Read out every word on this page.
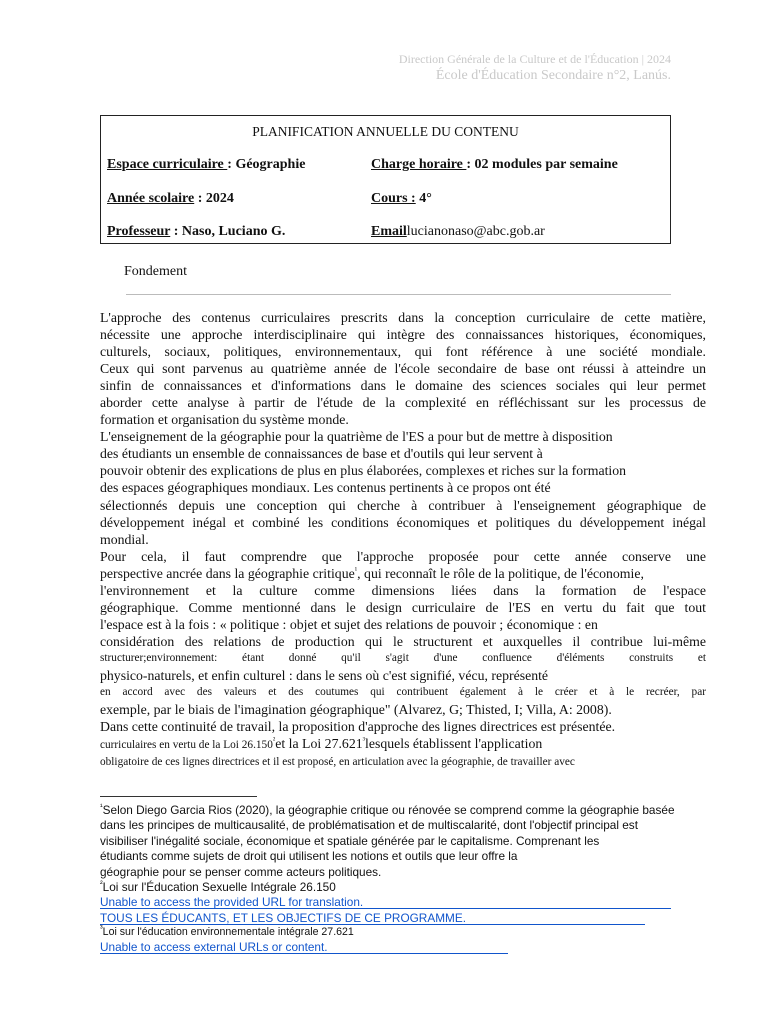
Direction Générale de la Culture et de l'Éducation | 2024
École d'Éducation Secondaire n°2, Lanús.
PLANIFICATION ANNUELLE DU CONTENU
Espace curriculaire : Géographie	Charge horaire : 02 modules par semaine
Année scolaire : 2024	Cours : 4°
Professeur : Naso, Luciano G.	Emaillucianonaso@abc.gob.ar
Fondement
L'approche des contenus curriculaires prescrits dans la conception curriculaire de cette matière,
nécessite une approche interdisciplinaire qui intègre des connaissances historiques, économiques,
culturels, sociaux, politiques, environnementaux, qui font référence à une société mondiale.
Ceux qui sont parvenus au quatrième année de l'école secondaire de base ont réussi à atteindre un
sinfin de connaissances et d'informations dans le domaine des sciences sociales qui leur permet
aborder cette analyse à partir de l'étude de la complexité en réfléchissant sur les processus de
formation et organisation du système monde.
L'enseignement de la géographie pour la quatrième de l'ES a pour but de mettre à disposition
des étudiants un ensemble de connaissances de base et d'outils qui leur servent à
pouvoir obtenir des explications de plus en plus élaborées, complexes et riches sur la formation
des espaces géographiques mondiaux. Les contenus pertinents à ce propos ont été
sélectionnés depuis une conception qui cherche à contribuer à l'enseignement géographique de
développement inégal et combiné les conditions économiques et politiques du développement inégal
mondial.
Pour cela, il faut comprendre que l'approche proposée pour cette année conserve une
perspective ancrée dans la géographie critique$^{^1}$, qui reconnaît le rôle de la politique, de l'économie,
l'environnement et la culture comme dimensions liées dans la formation de l'espace
géographique. Comme mentionné dans le design curriculaire de l'ES en vertu du fait que tout
l'espace est à la fois : « politique : objet et sujet des relations de pouvoir ; économique : en
considération des relations de production qui le structurent et auxquelles il contribue lui-même
structurer;environnement: étant donné qu'il s'agit d'une confluence d'éléments construits et
physico-naturels, et enfin culturel : dans le sens où c'est signifié, vécu, représenté
en accord avec des valeurs et des coutumes qui contribuent également à le créer et à le recréer, par
exemple, par le biais de l'imagination géographique" (Alvarez, G; Thisted, I; Villa, A: 2008).
Dans cette continuité de travail, la proposition d'approche des lignes directrices est présentée.
curriculaires en vertu de la Loi $26.150^{^2}et$ la Loi $27.621^{^3}lesquels$ établissent l'application
obligatoire de ces lignes directrices et il est proposé, en articulation avec la géographie, de travailler avec
$^{^1}$Selon Diego Garcia Rios (2020), la géographie critique ou rénovée se comprend comme la géographie basée
dans les principes de multicausalité, de problématisation et de multiscalarité, dont l'objectif principal est
visibiliser l'inégalité sociale, économique et spatiale générée par le capitalisme. Comprenant les
étudiants comme sujets de droit qui utilisent les notions et outils que leur offre la
géographie pour se penser comme acteurs politiques.
$^{^2}$Loi sur l'Éducation Sexuelle Intégrale 26.150
Unable to access the provided URL for translation.
TOUS LES ÉDUCANTS, ET LES OBJECTIFS DE CE PROGRAMME.
$^{^3}$Loi sur l'éducation environnementale intégrale 27.621
Unable to access external URLs or content.
